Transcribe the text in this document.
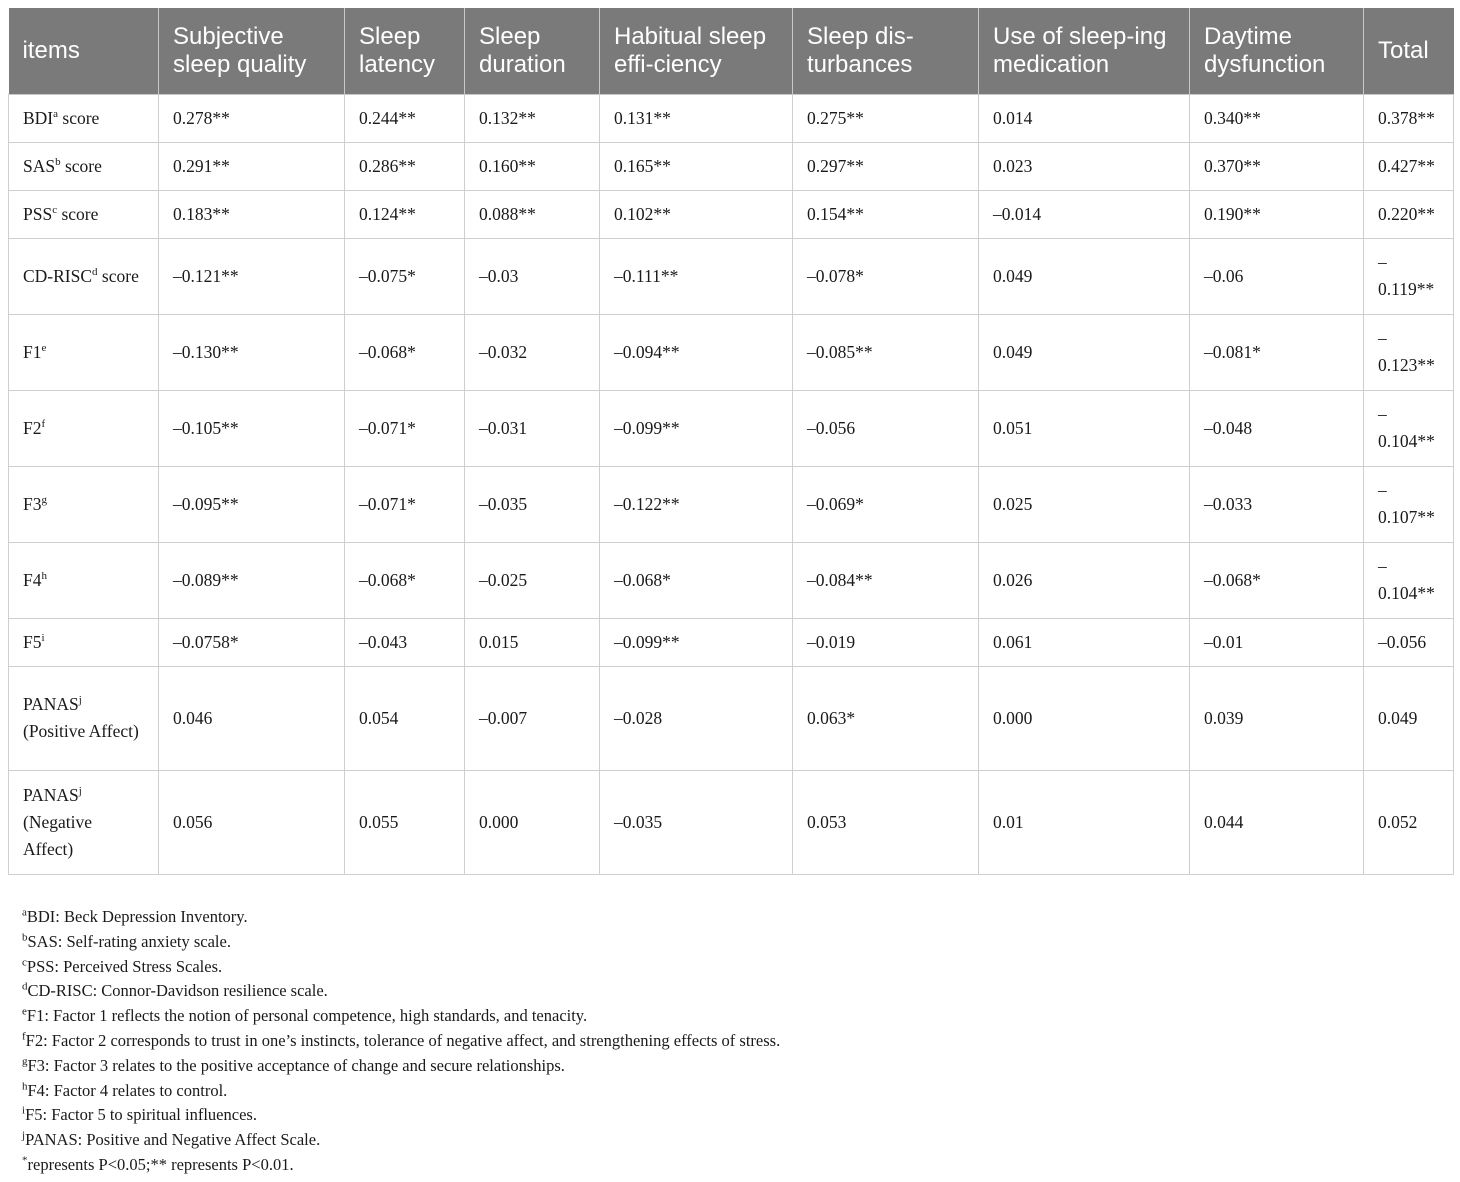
items	Subjective sleep quality	Sleep latency	Sleep duration	Habitual sleep effi-ciency	Sleep dis-turbances	Use of sleep-ing medication	Daytime dysfunction	Total
BDI$^a$ score	0.278**	0.244**	0.132**	0.131**	0.275**	0.014	0.340**	0.378**
SAS$^b$ score	0.291**	0.286**	0.160**	0.165**	0.297**	0.023	0.370**	0.427**
PSS$^c$ score	0.183**	0.124**	0.088**	0.102**	0.154**	–0.014	0.190**	0.220**
CD-RISC$^d$ score	–0.121**	–0.075*	–0.03	–0.111**	–0.078*	0.049	–0.06	–0.119**
F1e	–0.130**	–0.068*	–0.032	–0.094**	–0.085**	0.049	–0.081*	–0.123**
F2$^f$	–0.105**	–0.071*	–0.031	–0.099**	–0.056	0.051	–0.048	–0.104**
F3$^g$	–0.095**	–0.071*	–0.035	–0.122**	–0.069*	0.025	–0.033	–0.107**
F4$^h$	–0.089**	–0.068*	–0.025	–0.068*	–0.084**	0.026	–0.068*	–0.104**
F5$^i$	–0.0758*	–0.043	0.015	–0.099**	–0.019	0.061	–0.01	–0.056
PANAS$^j$ (Positive Affect)	0.046	0.054	–0.007	–0.028	0.063*	0.000	0.039	0.049
PANAS$^j$ (Negative Affect)	0.056	0.055	0.000	–0.035	0.053	0.01	0.044	0.052
$^a$BDI: Beck Depression Inventory.
$^b$SAS: Self-rating anxiety scale.
$^c$PSS: Perceived Stress Scales.
$^d$CD-RISC: Connor-Davidson resilience scale.
$^e$F1: Factor 1 reflects the notion of personal competence, high standards, and tenacity.
$^f$F2: Factor 2 corresponds to trust in one’s instincts, tolerance of negative affect, and strengthening effects of stress.
$^g$F3: Factor 3 relates to the positive acceptance of change and secure relationships.
$^h$F4: Factor 4 relates to control.
$^i$F5: Factor 5 to spiritual influences.
$^j$PANAS: Positive and Negative Affect Scale.
*represents P<0.05;** represents P<0.01.
